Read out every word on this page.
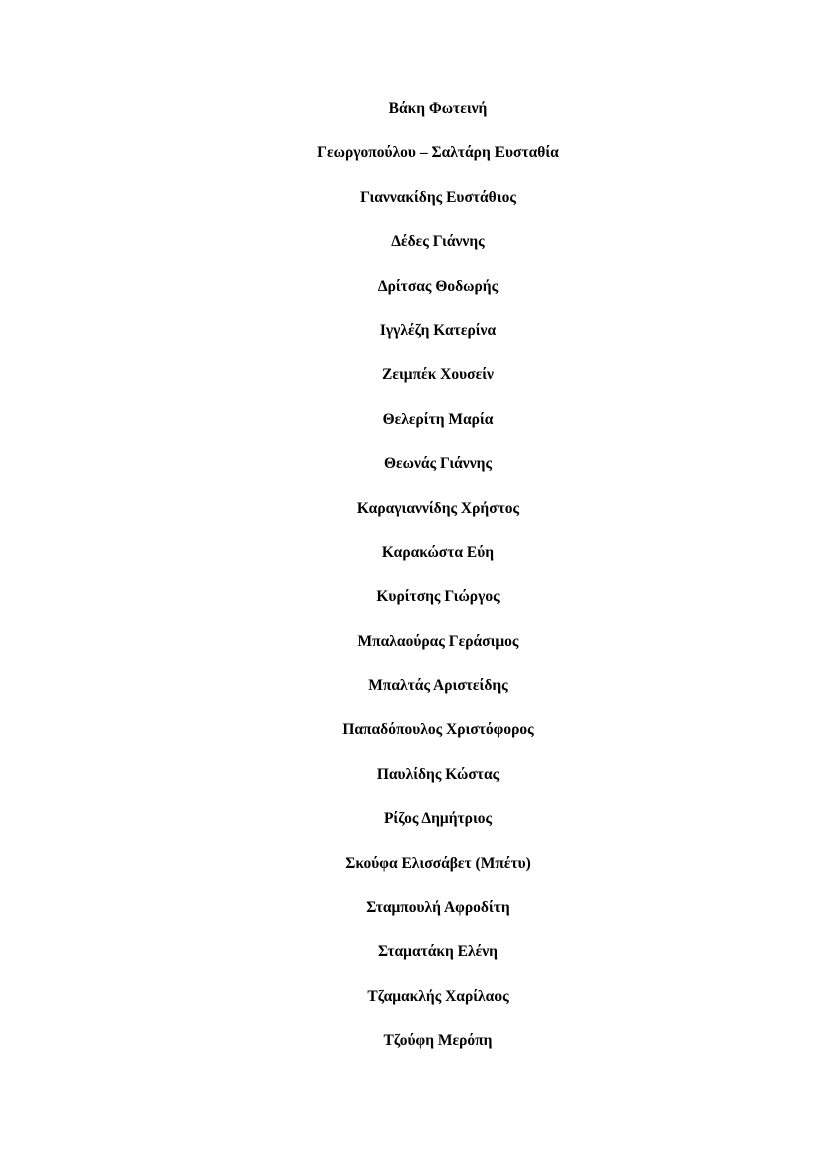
Βάκη Φωτεινή
Γεωργοπούλου – Σαλτάρη Ευσταθία
Γιαννακίδης Ευστάθιος
Δέδες Γιάννης
Δρίτσας Θοδωρής
Ιγγλέζη Κατερίνα
Ζειμπέκ Χουσείν
Θελερίτη Μαρία
Θεωνάς Γιάννης
Καραγιαννίδης Χρήστος
Καρακώστα Εύη
Κυρίτσης Γιώργος
Μπαλαούρας Γεράσιμος
Μπαλτάς Αριστείδης
Παπαδόπουλος Χριστόφορος
Παυλίδης Κώστας
Ρίζος Δημήτριος
Σκούφα Ελισσάβετ (Μπέτυ)
Σταμπουλή Αφροδίτη
Σταματάκη Ελένη
Τζαμακλής Χαρίλαος
Τζούφη Μερόπη
